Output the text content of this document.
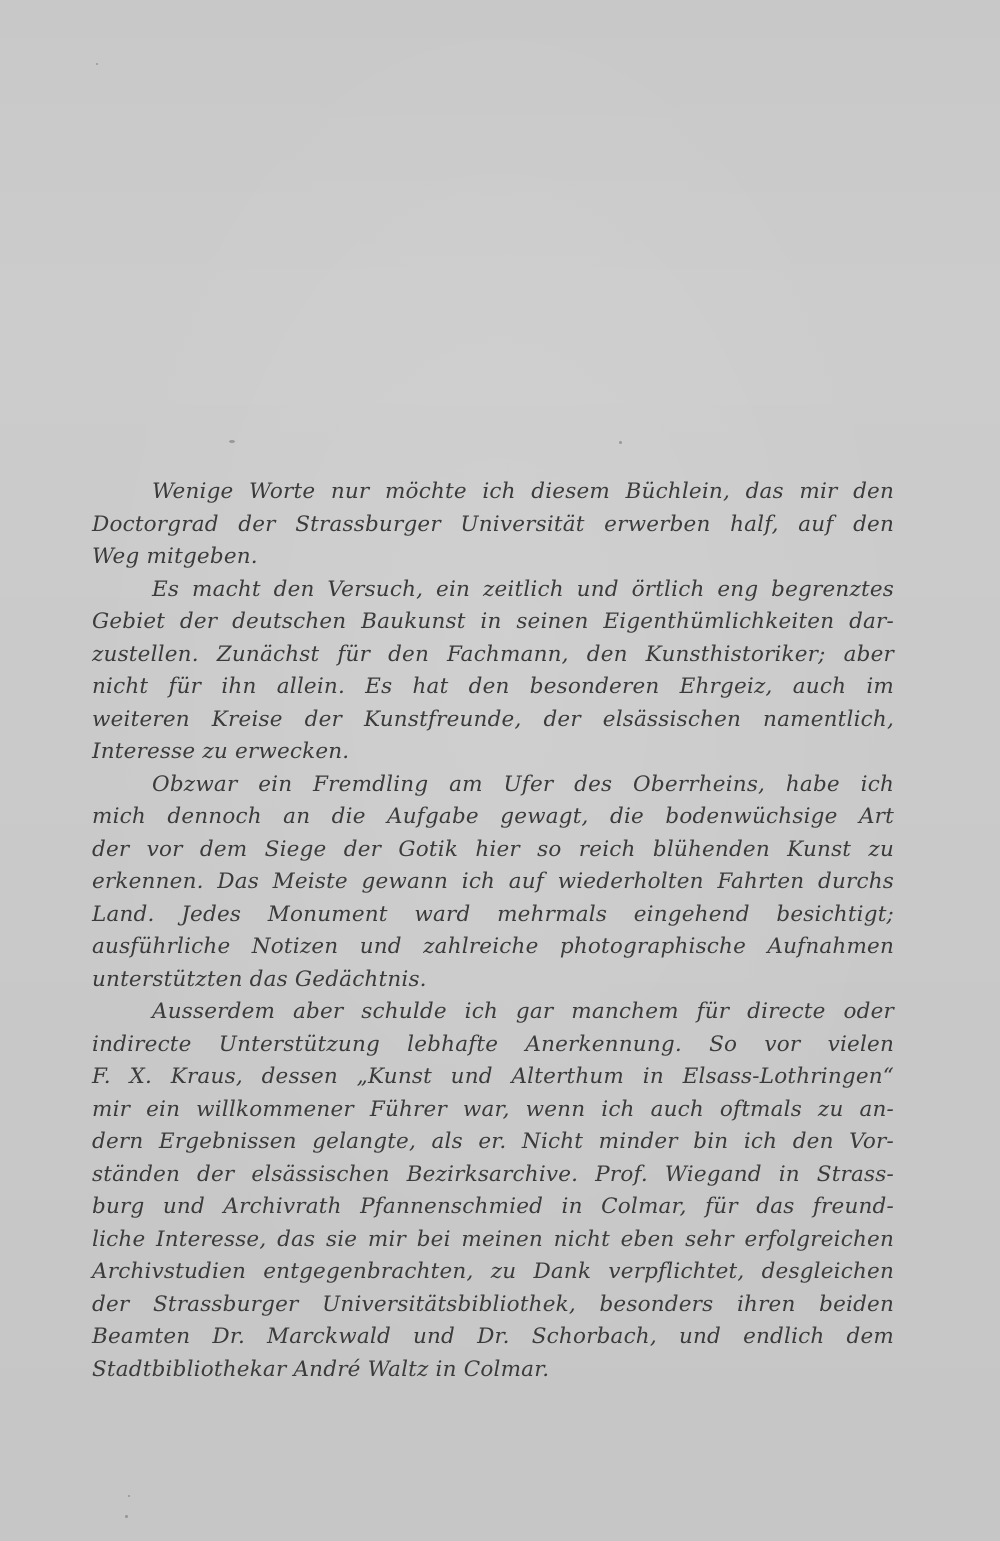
Wenige Worte nur möchte ich diesem Büchlein, das mir den
Doctorgrad der Strassburger Universität erwerben half, auf den
Weg mitgeben.
Es macht den Versuch, ein zeitlich und örtlich eng begrenztes
Gebiet der deutschen Baukunst in seinen Eigenthümlichkeiten dar-
zustellen. Zunächst für den Fachmann, den Kunsthistoriker; aber
nicht für ihn allein. Es hat den besonderen Ehrgeiz, auch im
weiteren Kreise der Kunstfreunde, der elsässischen namentlich,
Interesse zu erwecken.
Obzwar ein Fremdling am Ufer des Oberrheins, habe ich
mich dennoch an die Aufgabe gewagt, die bodenwüchsige Art
der vor dem Siege der Gotik hier so reich blühenden Kunst zu
erkennen. Das Meiste gewann ich auf wiederholten Fahrten durchs
Land. Jedes Monument ward mehrmals eingehend besichtigt;
ausführliche Notizen und zahlreiche photographische Aufnahmen
unterstützten das Gedächtnis.
Ausserdem aber schulde ich gar manchem für directe oder
indirecte Unterstützung lebhafte Anerkennung. So vor vielen
F. X. Kraus, dessen „Kunst und Alterthum in Elsass-Lothringen“
mir ein willkommener Führer war, wenn ich auch oftmals zu an-
dern Ergebnissen gelangte, als er. Nicht minder bin ich den Vor-
ständen der elsässischen Bezirksarchive. Prof. Wiegand in Strass-
burg und Archivrath Pfannenschmied in Colmar, für das freund-
liche Interesse, das sie mir bei meinen nicht eben sehr erfolgreichen
Archivstudien entgegenbrachten, zu Dank verpflichtet, desgleichen
der Strassburger Universitätsbibliothek, besonders ihren beiden
Beamten Dr. Marckwald und Dr. Schorbach, und endlich dem
Stadtbibliothekar André Waltz in Colmar.
